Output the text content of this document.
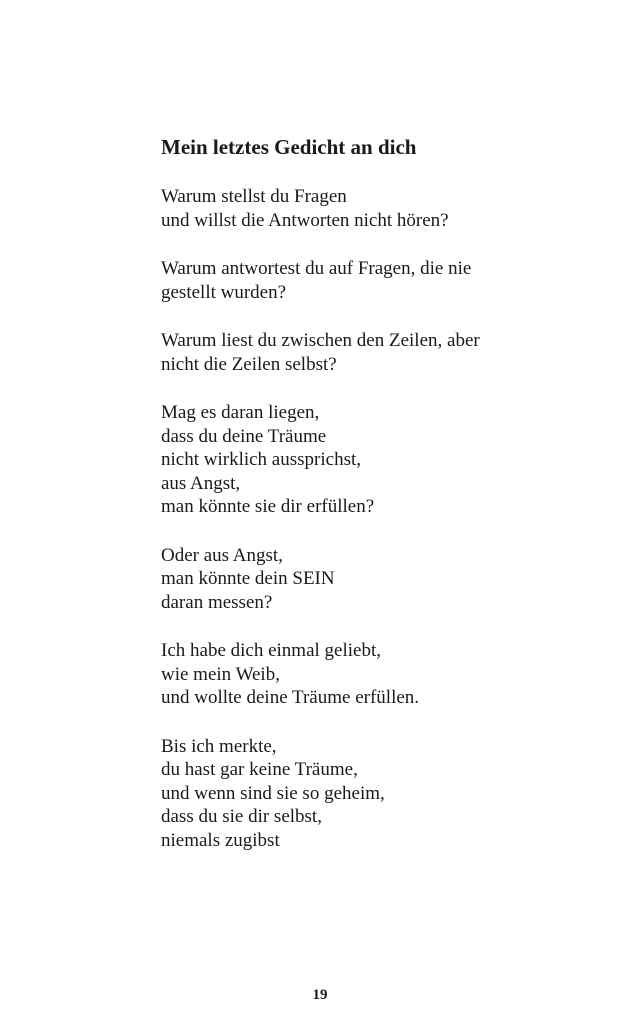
Mein letztes Gedicht an dich
Warum stellst du Fragen
und willst die Antworten nicht hören?
Warum antwortest du auf Fragen, die nie
gestellt wurden?
Warum liest du zwischen den Zeilen, aber
nicht die Zeilen selbst?
Mag es daran liegen,
dass du deine Träume
nicht wirklich aussprichst,
aus Angst,
man könnte sie dir erfüllen?
Oder aus Angst,
man könnte dein SEIN
daran messen?
Ich habe dich einmal geliebt,
wie mein Weib,
und wollte deine Träume erfüllen.
Bis ich merkte,
du hast gar keine Träume,
und wenn sind sie so geheim,
dass du sie dir selbst,
niemals zugibst
19
